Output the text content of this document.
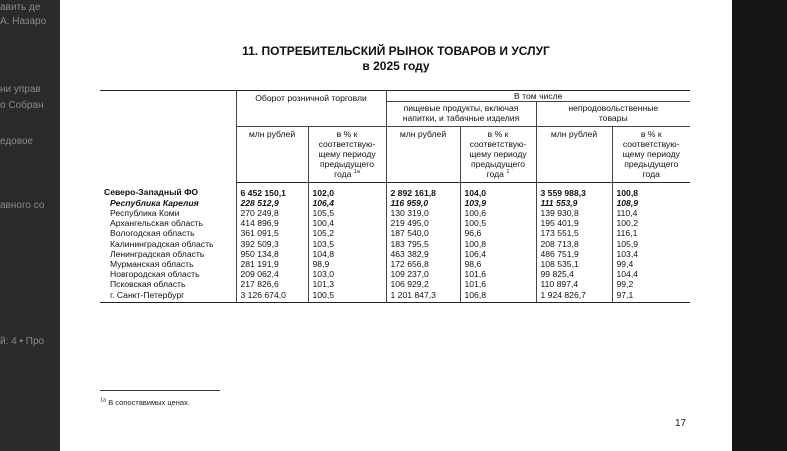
авить де
А. Назаро
ни управ
о Собран
едовое
авного со
й: 4 • Про
11. ПОТРЕБИТЕЛЬСКИЙ РЫНОК ТОВАРОВ И УСЛУГ
в 2025 году
	Оборот розничной торговли		В том числе			
			пищевые продукты, включая напитки, и табачные изделия		непродовольственные товары	
	млн рублей	в % к соответствующему периоду предыдущего года $^{1а}$	млн рублей	в % к соответствующему периоду предыдущего года $^1$	млн рублей	в % к соответствующему периоду предыдущего года
Северо-Западный ФО	6 452 150,1	102,0	2 892 161,8	104,0	3 559 988,3	100,8
Республика Карелия	228 512,9	106,4	116 959,0	103,9	111 553,9	108,9
Республика Коми	270 249,8	105,5	130 319,0	100,6	139 930,8	110,4
Архангельская область	414 896,9	100,4	219 495,0	100,5	195 401,9	100,2
Вологодская область	361 091,5	105,2	187 540,0	96,6	173 551,5	116,1
Калининградская область	392 509,3	103,5	183 795,5	100,8	208 713,8	105,9
Ленинградская область	950 134,8	104,8	463 382,9	106,4	486 751,9	103,4
Мурманская область	281 191,9	98,9	172 656,8	98,6	108 535,1	99,4
Новгородская область	209 062,4	103,0	109 237,0	101,6	99 825,4	104,4
Псковская область	217 826,6	101,3	106 929,2	101,6	110 897,4	99,2
г. Санкт-Петербург	3 126 674,0	100,5	1 201 847,3	106,8	1 924 826,7	97,1
$^{1а}$ В сопоставимых ценах.
17
